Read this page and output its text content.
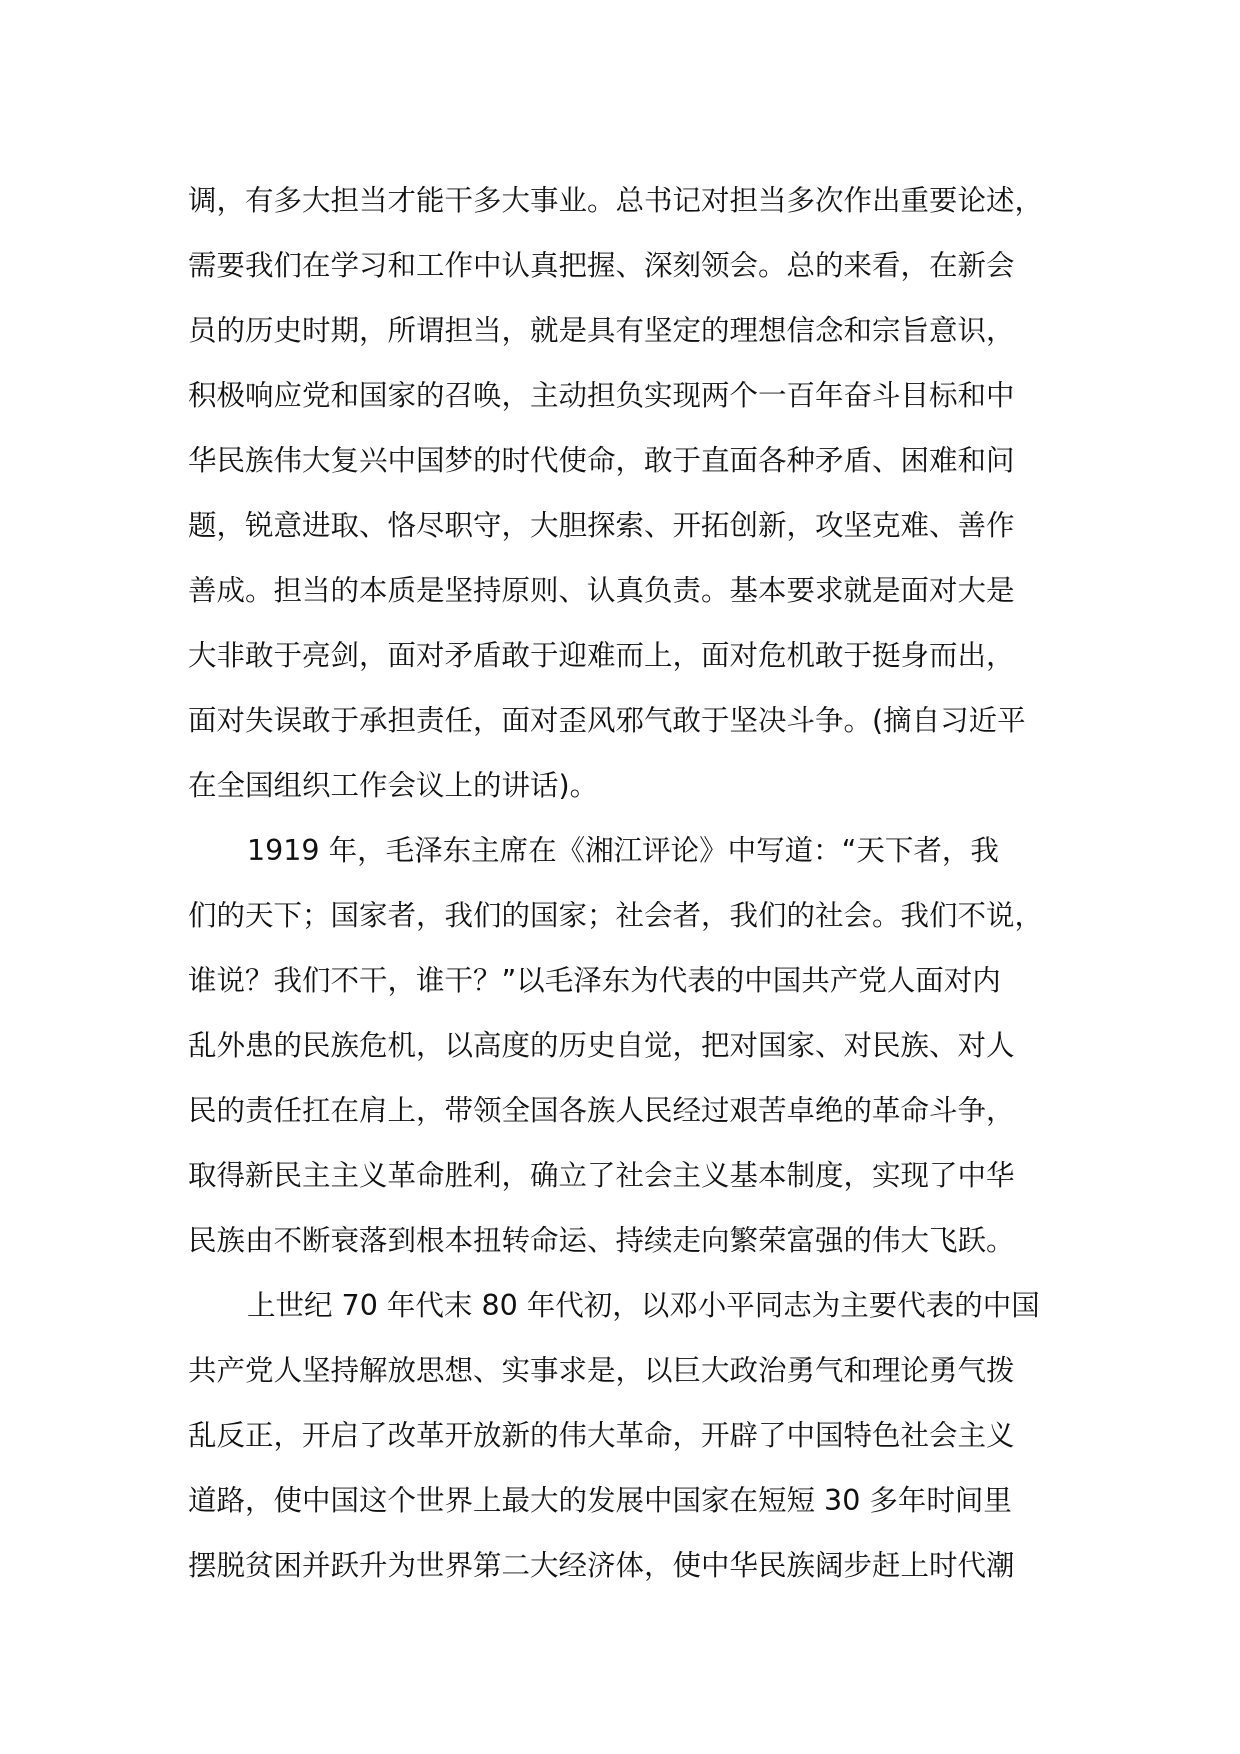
调，有多大担当才能干多大事业。总书记对担当多次作出重要论述，
需要我们在学习和工作中认真把握、深刻领会。总的来看，在新会
员的历史时期，所谓担当，就是具有坚定的理想信念和宗旨意识，
积极响应党和国家的召唤，主动担负实现两个一百年奋斗目标和中
华民族伟大复兴中国梦的时代使命，敢于直面各种矛盾、困难和问
题，锐意进取、恪尽职守，大胆探索、开拓创新，攻坚克难、善作
善成。担当的本质是坚持原则、认真负责。基本要求就是面对大是
大非敢于亮剑，面对矛盾敢于迎难而上，面对危机敢于挺身而出，
面对失误敢于承担责任，面对歪风邪气敢于坚决斗争。(摘自习近平
在全国组织工作会议上的讲话)。
1919 年，毛泽东主席在《湘江评论》中写道：“天下者，我
们的天下；国家者，我们的国家；社会者，我们的社会。我们不说，
谁说？我们不干，谁干？”以毛泽东为代表的中国共产党人面对内
乱外患的民族危机，以高度的历史自觉，把对国家、对民族、对人
民的责任扛在肩上，带领全国各族人民经过艰苦卓绝的革命斗争，
取得新民主主义革命胜利，确立了社会主义基本制度，实现了中华
民族由不断衰落到根本扭转命运、持续走向繁荣富强的伟大飞跃。
上世纪 70 年代末 80 年代初，以邓小平同志为主要代表的中国
共产党人坚持解放思想、实事求是，以巨大政治勇气和理论勇气拨
乱反正，开启了改革开放新的伟大革命，开辟了中国特色社会主义
道路，使中国这个世界上最大的发展中国家在短短 30 多年时间里
摆脱贫困并跃升为世界第二大经济体，使中华民族阔步赶上时代潮
